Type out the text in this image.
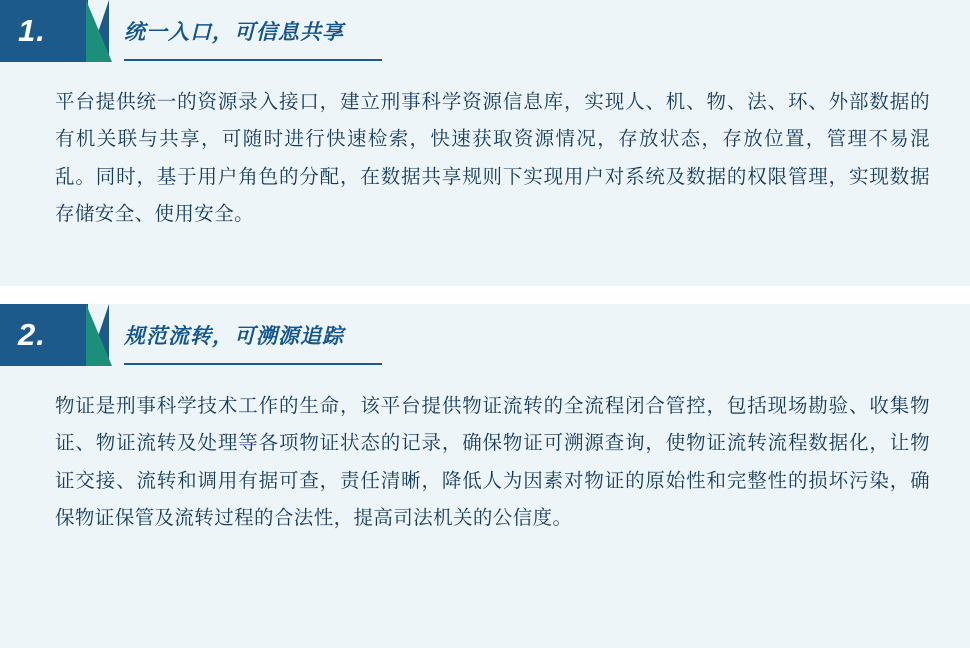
1.	统一入口，可信息共享
平台提供统一的资源录入接口，建立刑事科学资源信息库，实现人、机、物、法、环、外部数据的有机关联与共享，可随时进行快速检索，快速获取资源情况，存放状态，存放位置，管理不易混乱。同时，基于用户角色的分配，在数据共享规则下实现用户对系统及数据的权限管理，实现数据存储安全、使用安全。
2.	规范流转，可溯源追踪
物证是刑事科学技术工作的生命，该平台提供物证流转的全流程闭合管控，包括现场勘验、收集物证、物证流转及处理等各项物证状态的记录，确保物证可溯源查询，使物证流转流程数据化，让物证交接、流转和调用有据可查，责任清晰，降低人为因素对物证的原始性和完整性的损坏污染，确保物证保管及流转过程的合法性，提高司法机关的公信度。
